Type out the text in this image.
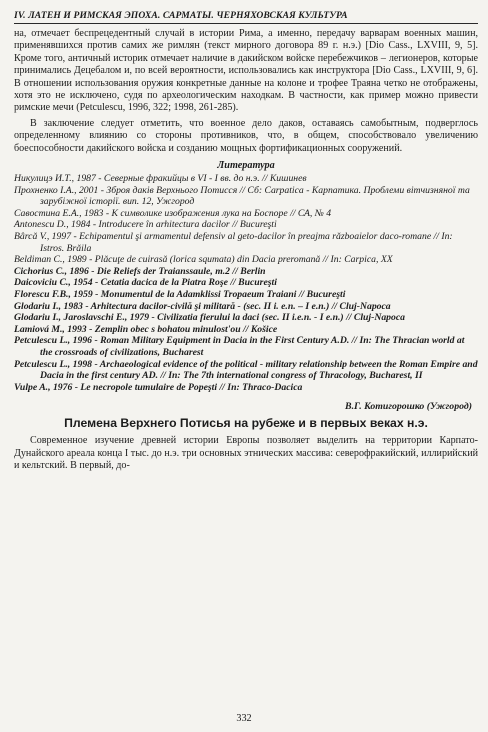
IV. ЛАТЕН И РИМСКАЯ ЭПОХА. САРМАТЫ. ЧЕРНЯХОВСКАЯ КУЛЬТУРА

на, отмечает беспрецедентный случай в истории Рима, а именно, передачу варварам военных машин, применявшихся против самих же римлян (текст мирного договора 89 г. н.э.) [Dio Cass., LXVIII, 9, 5]. Кроме того, античный историк отмечает наличие в дакийском войске перебежчиков – легионеров, которые принимались Децебалом и, по всей вероятности, использовались как инструктора [Dio Cass., LXVIII, 9, 6]. В отношении использования оружия конкретные данные на колоне и трофее Траяна четко не отображены, хотя это не исключено, судя по археологическим находкам. В частности, как пример можно привести римские мечи (Petculescu, 1996, 322; 1998, 261-285).

В заключение следует отметить, что военное дело даков, оставаясь самобытным, подверглось определенному влиянию со стороны противников, что, в общем, способствовало увеличению боеспособности дакийского войска и созданию мощных фортификационных сооружений.

Литература
Никулицэ И.Т., 1987 - Северные фракийцы в VI - I вв. до н.э. // Кишинев
Прохненко І.А., 2001 - Зброя даків Верхнього Потисся // Сб: Carpatica - Карпатика. Проблеми вітчизняної та зарубіжної історії. вип. 12, Ужгород
Савостина Е.А., 1983 - К символике изображения лука на Боспоре // СА, № 4
Antonescu D., 1984 - Introducere în arhitectura dacilor // Bucureşti
Bârcă V., 1997 - Echipamentul şi armamentul defensiv al geto-dacilor în preajma războaielor daco-romane // In: Istros. Brăila
Beldiman C., 1989 - Plăcuţe de cuirasă (lorica squmata) din Dacia preromană // In: Carpica, XX
Cichorius C., 1896 - Die Reliefs der Traianssaule, m.2 // Berlin
Daicoviciu C., 1954 - Cetatia dacica de la Piatra Roşe // Bucureşti
Florescu F.B., 1959 - Monumentul de la Adamklissi Tropaeum Traiani // Bucureşti
Glodariu I., 1983 - Arhitectura dacilor-civilă şi militară - (sec. II i. e.n. – I e.n.) // Cluj-Napoca
Glodariu I., Jaroslavschi E., 1979 - Civilizatia fierului la daci (sec. II i.e.n. - I e.n.) // Cluj-Napoca
Lamiová M., 1993 - Zemplin obec s bohatou minulost'ou // Košice
Petculescu L., 1996 - Roman Military Equipment in Dacia in the First Century A.D. // In: The Thracian world at the crossroads of civilizations, Bucharest
Petculescu L., 1998 - Archaeological evidence of the political - military relationship between the Roman Empire and Dacia in the first century AD. // In: The 7th international congress of Thracology, Bucharest, II
Vulpe A., 1976 - Le necropole tumulaire de Popeşti // In: Thraco-Dacica
В.Г. Котигорошко (Ужгород)
Племена Верхнего Потисья на рубеже и в первых веках н.э.

Современное изучение древней истории Европы позволяет выделить на территории Карпато-Дунайского ареала конца I тыс. до н.э. три основных этнических массива: северофракийский, иллирийский и кельтский. В первый, до-

332
